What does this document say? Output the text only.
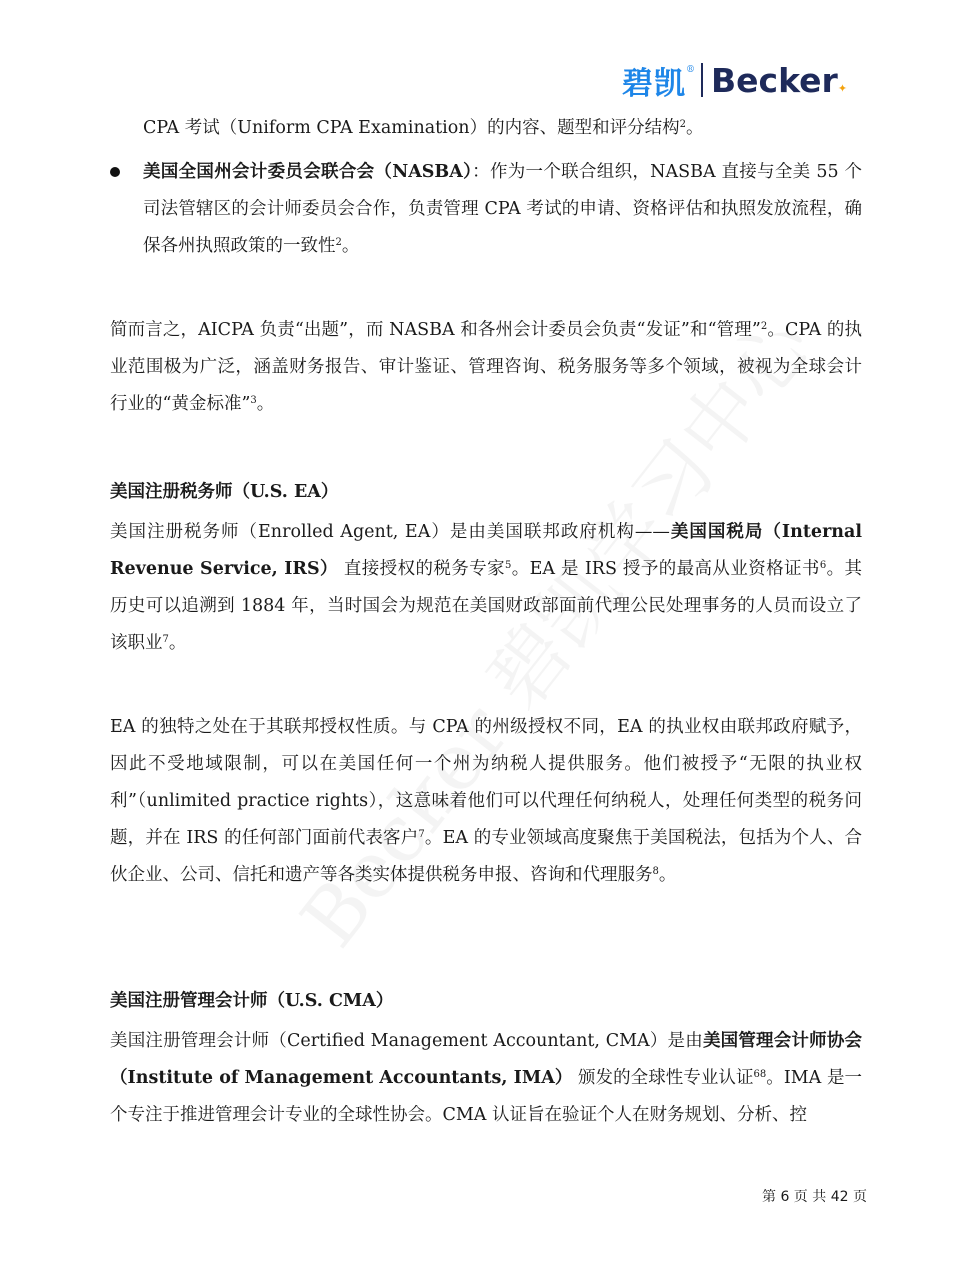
碧凯 ® Becker ✦

CPA 考试（Uniform CPA Examination）的内容、题型和评分结构$^2$。

美国全国州会计委员会联合会（NASBA）：作为一个联合组织，NASBA 直接与全美 55 个司法管辖区的会计师委员会合作，负责管理 CPA 考试的申请、资格评估和执照发放流程，确保各州执照政策的一致性$^2$。

简而言之，AICPA 负责“出题”，而 NASBA 和各州会计委员会负责“发证”和“管理”$^2$。CPA 的执业范围极为广泛，涵盖财务报告、审计鉴证、管理咨询、税务服务等多个领域，被视为全球会计行业的“黄金标准”$^3$。

美国注册税务师（U.S. EA）

美国注册税务师（Enrolled Agent, EA）是由美国联邦政府机构——美国国税局（Internal Revenue Service, IRS） 直接授权的税务专家$^5$。EA 是 IRS 授予的最高从业资格证书$^6$。其历史可以追溯到 1884 年，当时国会为规范在美国财政部面前代理公民处理事务的人员而设立了该职业$^7$。

EA 的独特之处在于其联邦授权性质。与 CPA 的州级授权不同，EA 的执业权由联邦政府赋予，因此不受地域限制，可以在美国任何一个州为纳税人提供服务。他们被授予“无限的执业权利”（unlimited practice rights），这意味着他们可以代理任何纳税人，处理任何类型的税务问题，并在 IRS 的任何部门面前代表客户$^7$。EA 的专业领域高度聚焦于美国税法，包括为个人、合伙企业、公司、信托和遗产等各类实体提供税务申报、咨询和代理服务$^8$。

美国注册管理会计师（U.S. CMA）

美国注册管理会计师（Certified Management Accountant, CMA）是由美国管理会计师协会（Institute of Management Accountants, IMA） 颁发的全球性专业认证$^{68}$。IMA 是一个专注于推进管理会计专业的全球性协会。CMA 认证旨在验证个人在财务规划、分析、控

第 6 页 共 42 页
